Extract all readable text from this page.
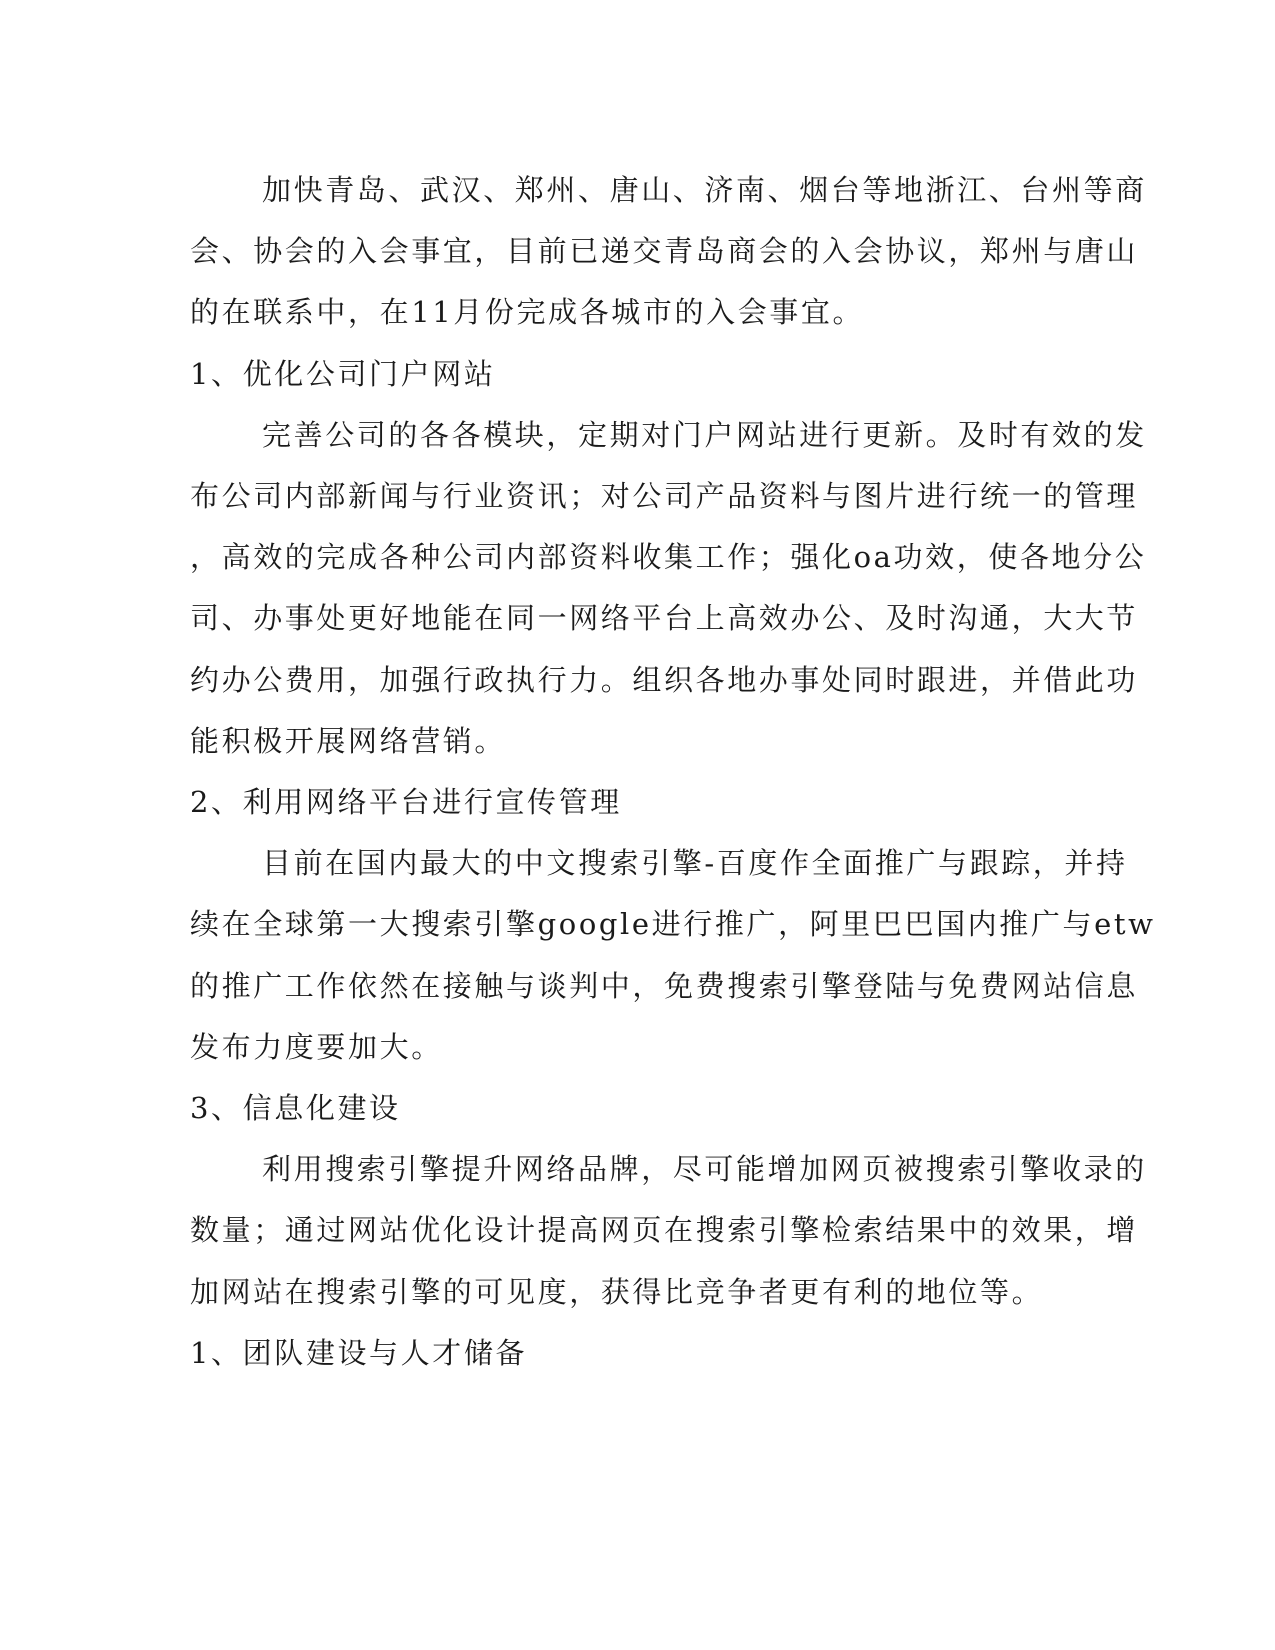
加快青岛、武汉、郑州、唐山、济南、烟台等地浙江、台州等商
会、协会的入会事宜，目前已递交青岛商会的入会协议，郑州与唐山
的在联系中，在11月份完成各城市的入会事宜。

1、优化公司门户网站

完善公司的各各模块，定期对门户网站进行更新。及时有效的发
布公司内部新闻与行业资讯；对公司产品资料与图片进行统一的管理
，高效的完成各种公司内部资料收集工作；强化oa功效，使各地分公
司、办事处更好地能在同一网络平台上高效办公、及时沟通，大大节
约办公费用，加强行政执行力。组织各地办事处同时跟进，并借此功
能积极开展网络营销。

2、利用网络平台进行宣传管理

目前在国内最大的中文搜索引擎-百度作全面推广与跟踪，并持
续在全球第一大搜索引擎google进行推广，阿里巴巴国内推广与etw
的推广工作依然在接触与谈判中，免费搜索引擎登陆与免费网站信息
发布力度要加大。

3、信息化建设

利用搜索引擎提升网络品牌，尽可能增加网页被搜索引擎收录的
数量；通过网站优化设计提高网页在搜索引擎检索结果中的效果，增
加网站在搜索引擎的可见度，获得比竞争者更有利的地位等。

1、团队建设与人才储备
